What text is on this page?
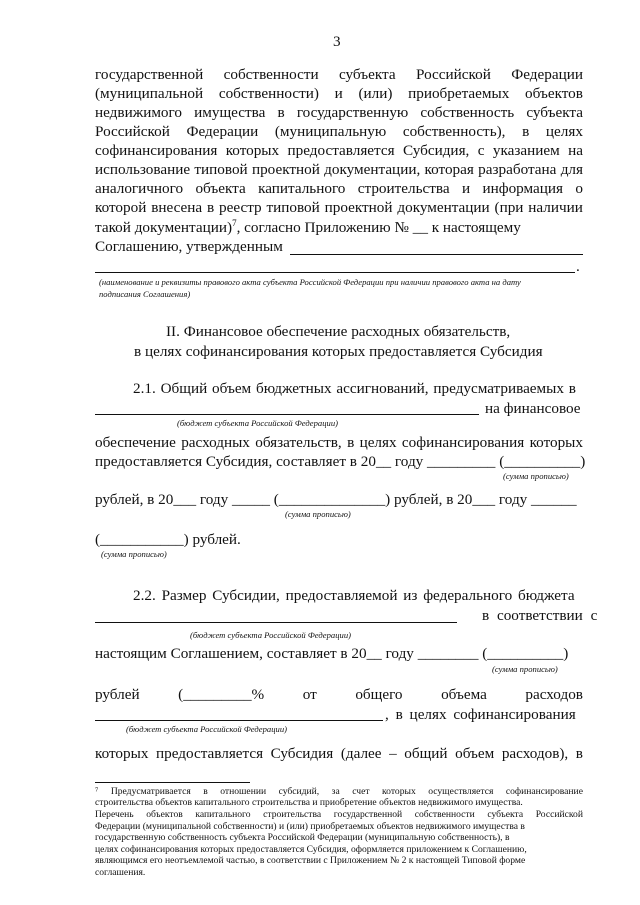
3
государственной собственности субъекта Российской Федерации
(муниципальной собственности) и (или) приобретаемых объектов
недвижимого имущества в государственную собственность субъекта
Российской Федерации (муниципальную собственность), в целях
софинансирования которых предоставляется Субсидия, с указанием на
использование типовой проектной документации, которая разработана для
аналогичного объекта капитального строительства и информация о
которой внесена в реестр типовой проектной документации (при наличии
такой документации)$^7$, согласно Приложению № __ к настоящему
Соглашению, утвержденным
.
(наименование и реквизиты правового акта субъекта Российской Федерации при наличии правового акта на дату
подписания Соглашения)
II. Финансовое обеспечение расходных обязательств,
в целях софинансирования которых предоставляется Субсидия
2.1. Общий объем бюджетных ассигнований, предусматриваемых в
на финансовое
(бюджет субъекта Российской Федерации)
обеспечение расходных обязательств, в целях софинансирования которых
предоставляется Субсидия, составляет в 20__ году _________ (__________)
(сумма прописью)
рублей, в 20___ году _____ (______________) рублей, в 20___ году ______
(сумма прописью)
(___________) рублей.
(сумма прописью)
2.2. Размер Субсидии, предоставляемой из федерального бюджета
в соответствии с
(бюджет субъекта Российской Федерации)
настоящим Соглашением, составляет в 20__ году ________ (__________)
(сумма прописью)
рублей	(_________%	от	общего	объема	расходов
, в целях софинансирования
(бюджет субъекта Российской Федерации)
которых предоставляется Субсидия (далее – общий объем расходов), в
⁷ Предусматривается в отношении субсидий, за счет которых осуществляется софинансирование
строительства объектов капитального строительства и приобретение объектов недвижимого имущества.
Перечень объектов капитального строительства государственной собственности субъекта Российской
Федерации (муниципальной собственности) и (или) приобретаемых объектов недвижимого имущества в
государственную собственность субъекта Российской Федерации (муниципальную собственность), в
целях софинансирования которых предоставляется Субсидия, оформляется приложением к Соглашению,
являющимся его неотъемлемой частью, в соответствии с Приложением № 2 к настоящей Типовой форме
соглашения.
